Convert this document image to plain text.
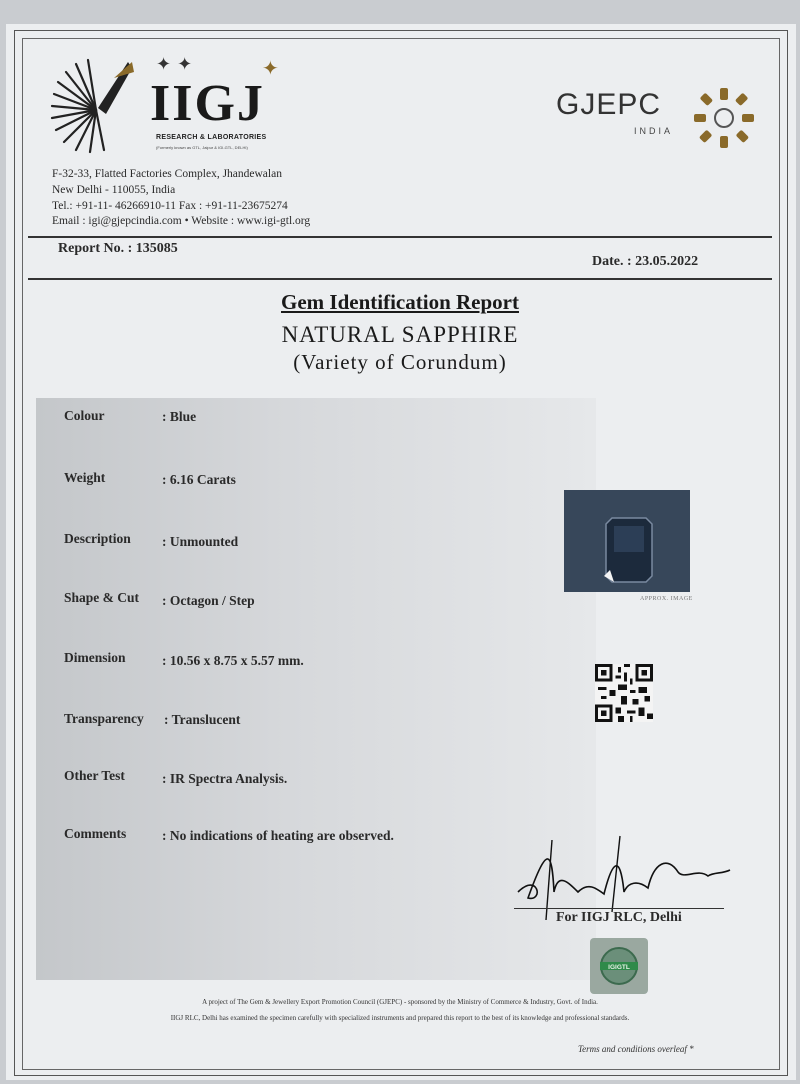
✦✦	✦
IIGJ
RESEARCH & LABORATORIES
(Formerly known as GTL, Jaipur & IGI-GTL, DELHI)
GJEPC
INDIA
F-32-33, Flatted Factories Complex, Jhandewalan
New Delhi - 110055, India
Tel.: +91-11- 46266910-11 Fax : +91-11-23675274
Email : igi@gjepcindia.com • Website : www.igi-gtl.org
Report No. : 135085
Date. : 23.05.2022
Gem Identification Report
NATURAL SAPPHIRE
(Variety of Corundum)
Colour	: Blue
Weight	: 6.16 Carats
Description : Unmounted
Shape & Cut : Octagon / Step
Dimension	: 10.56 x 8.75 x 5.57 mm.
Transparency : Translucent
Other Test	: IR Spectra Analysis.
Comments	: No indications of heating are observed.
APPROX. IMAGE
For IIGJ RLC, Delhi
IGIGTL
A project of The Gem & Jewellery Export Promotion Council (GJEPC) - sponsored by the Ministry of Commerce & Industry, Govt. of India.
IIGJ RLC, Delhi has examined the specimen carefully with specialized instruments and prepared this report to the best of its knowledge and professional standards.
Terms and conditions overleaf *
